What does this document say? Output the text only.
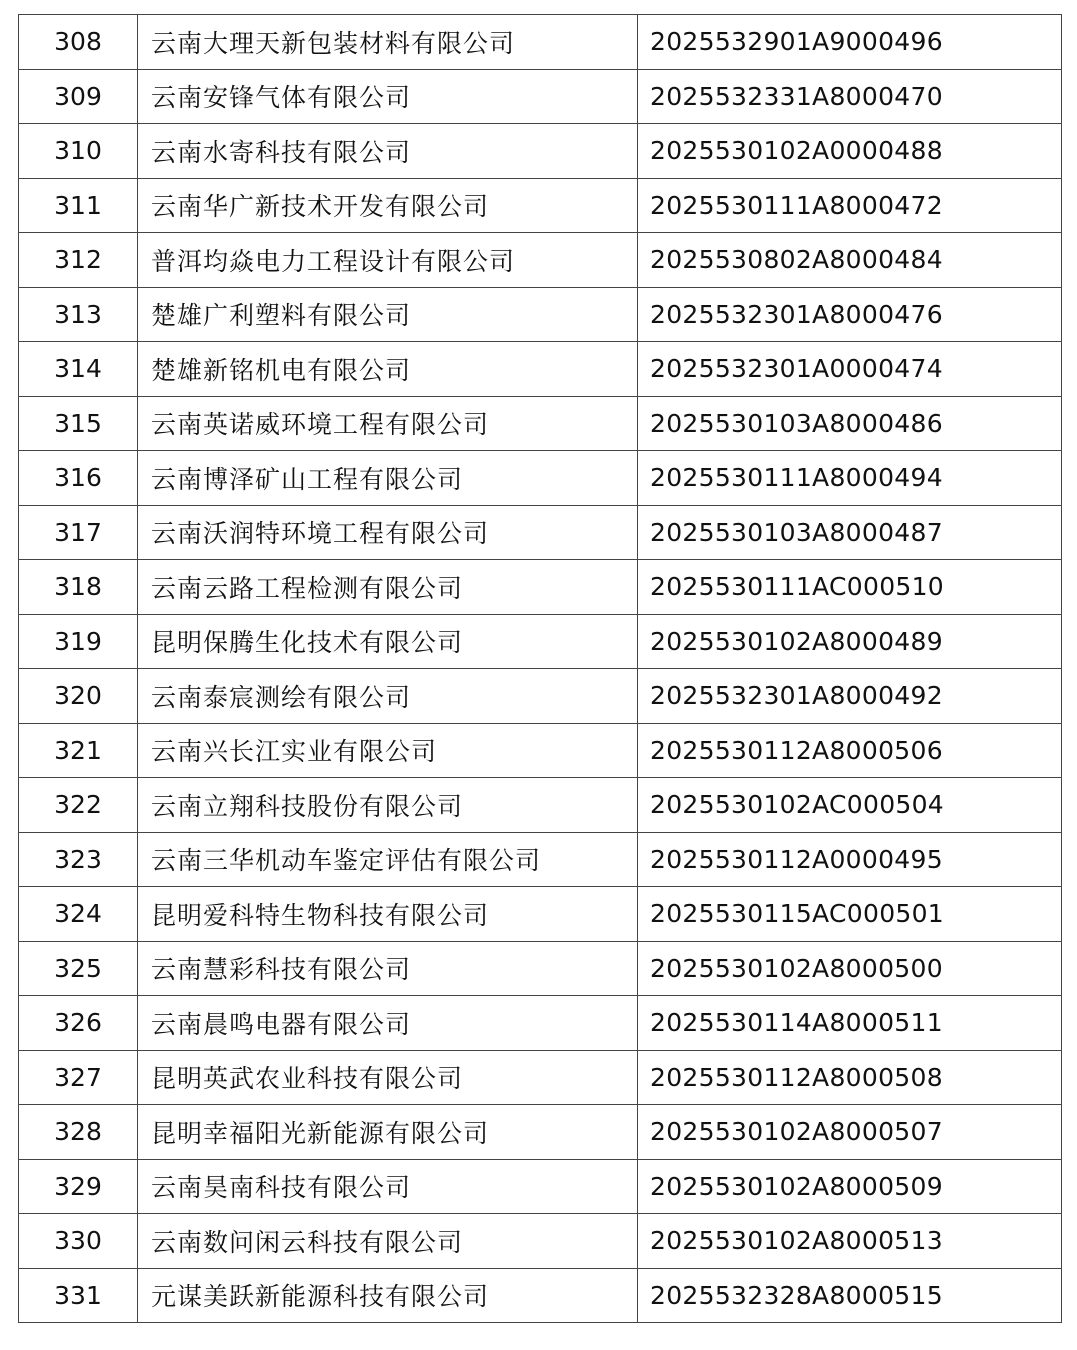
308	云南大理天新包装材料有限公司	2025532901A9000496
309	云南安锋气体有限公司	2025532331A8000470
310	云南水寄科技有限公司	2025530102A0000488
311	云南华广新技术开发有限公司	2025530111A8000472
312	普洱均焱电力工程设计有限公司	2025530802A8000484
313	楚雄广利塑料有限公司	2025532301A8000476
314	楚雄新铭机电有限公司	2025532301A0000474
315	云南英诺威环境工程有限公司	2025530103A8000486
316	云南博泽矿山工程有限公司	2025530111A8000494
317	云南沃润特环境工程有限公司	2025530103A8000487
318	云南云路工程检测有限公司	2025530111AC000510
319	昆明保腾生化技术有限公司	2025530102A8000489
320	云南泰宸测绘有限公司	2025532301A8000492
321	云南兴长江实业有限公司	2025530112A8000506
322	云南立翔科技股份有限公司	2025530102AC000504
323	云南三华机动车鉴定评估有限公司	2025530112A0000495
324	昆明爱科特生物科技有限公司	2025530115AC000501
325	云南慧彩科技有限公司	2025530102A8000500
326	云南晨鸣电器有限公司	2025530114A8000511
327	昆明英武农业科技有限公司	2025530112A8000508
328	昆明幸福阳光新能源有限公司	2025530102A8000507
329	云南昊南科技有限公司	2025530102A8000509
330	云南数问闲云科技有限公司	2025530102A8000513
331	元谋美跃新能源科技有限公司	2025532328A8000515
